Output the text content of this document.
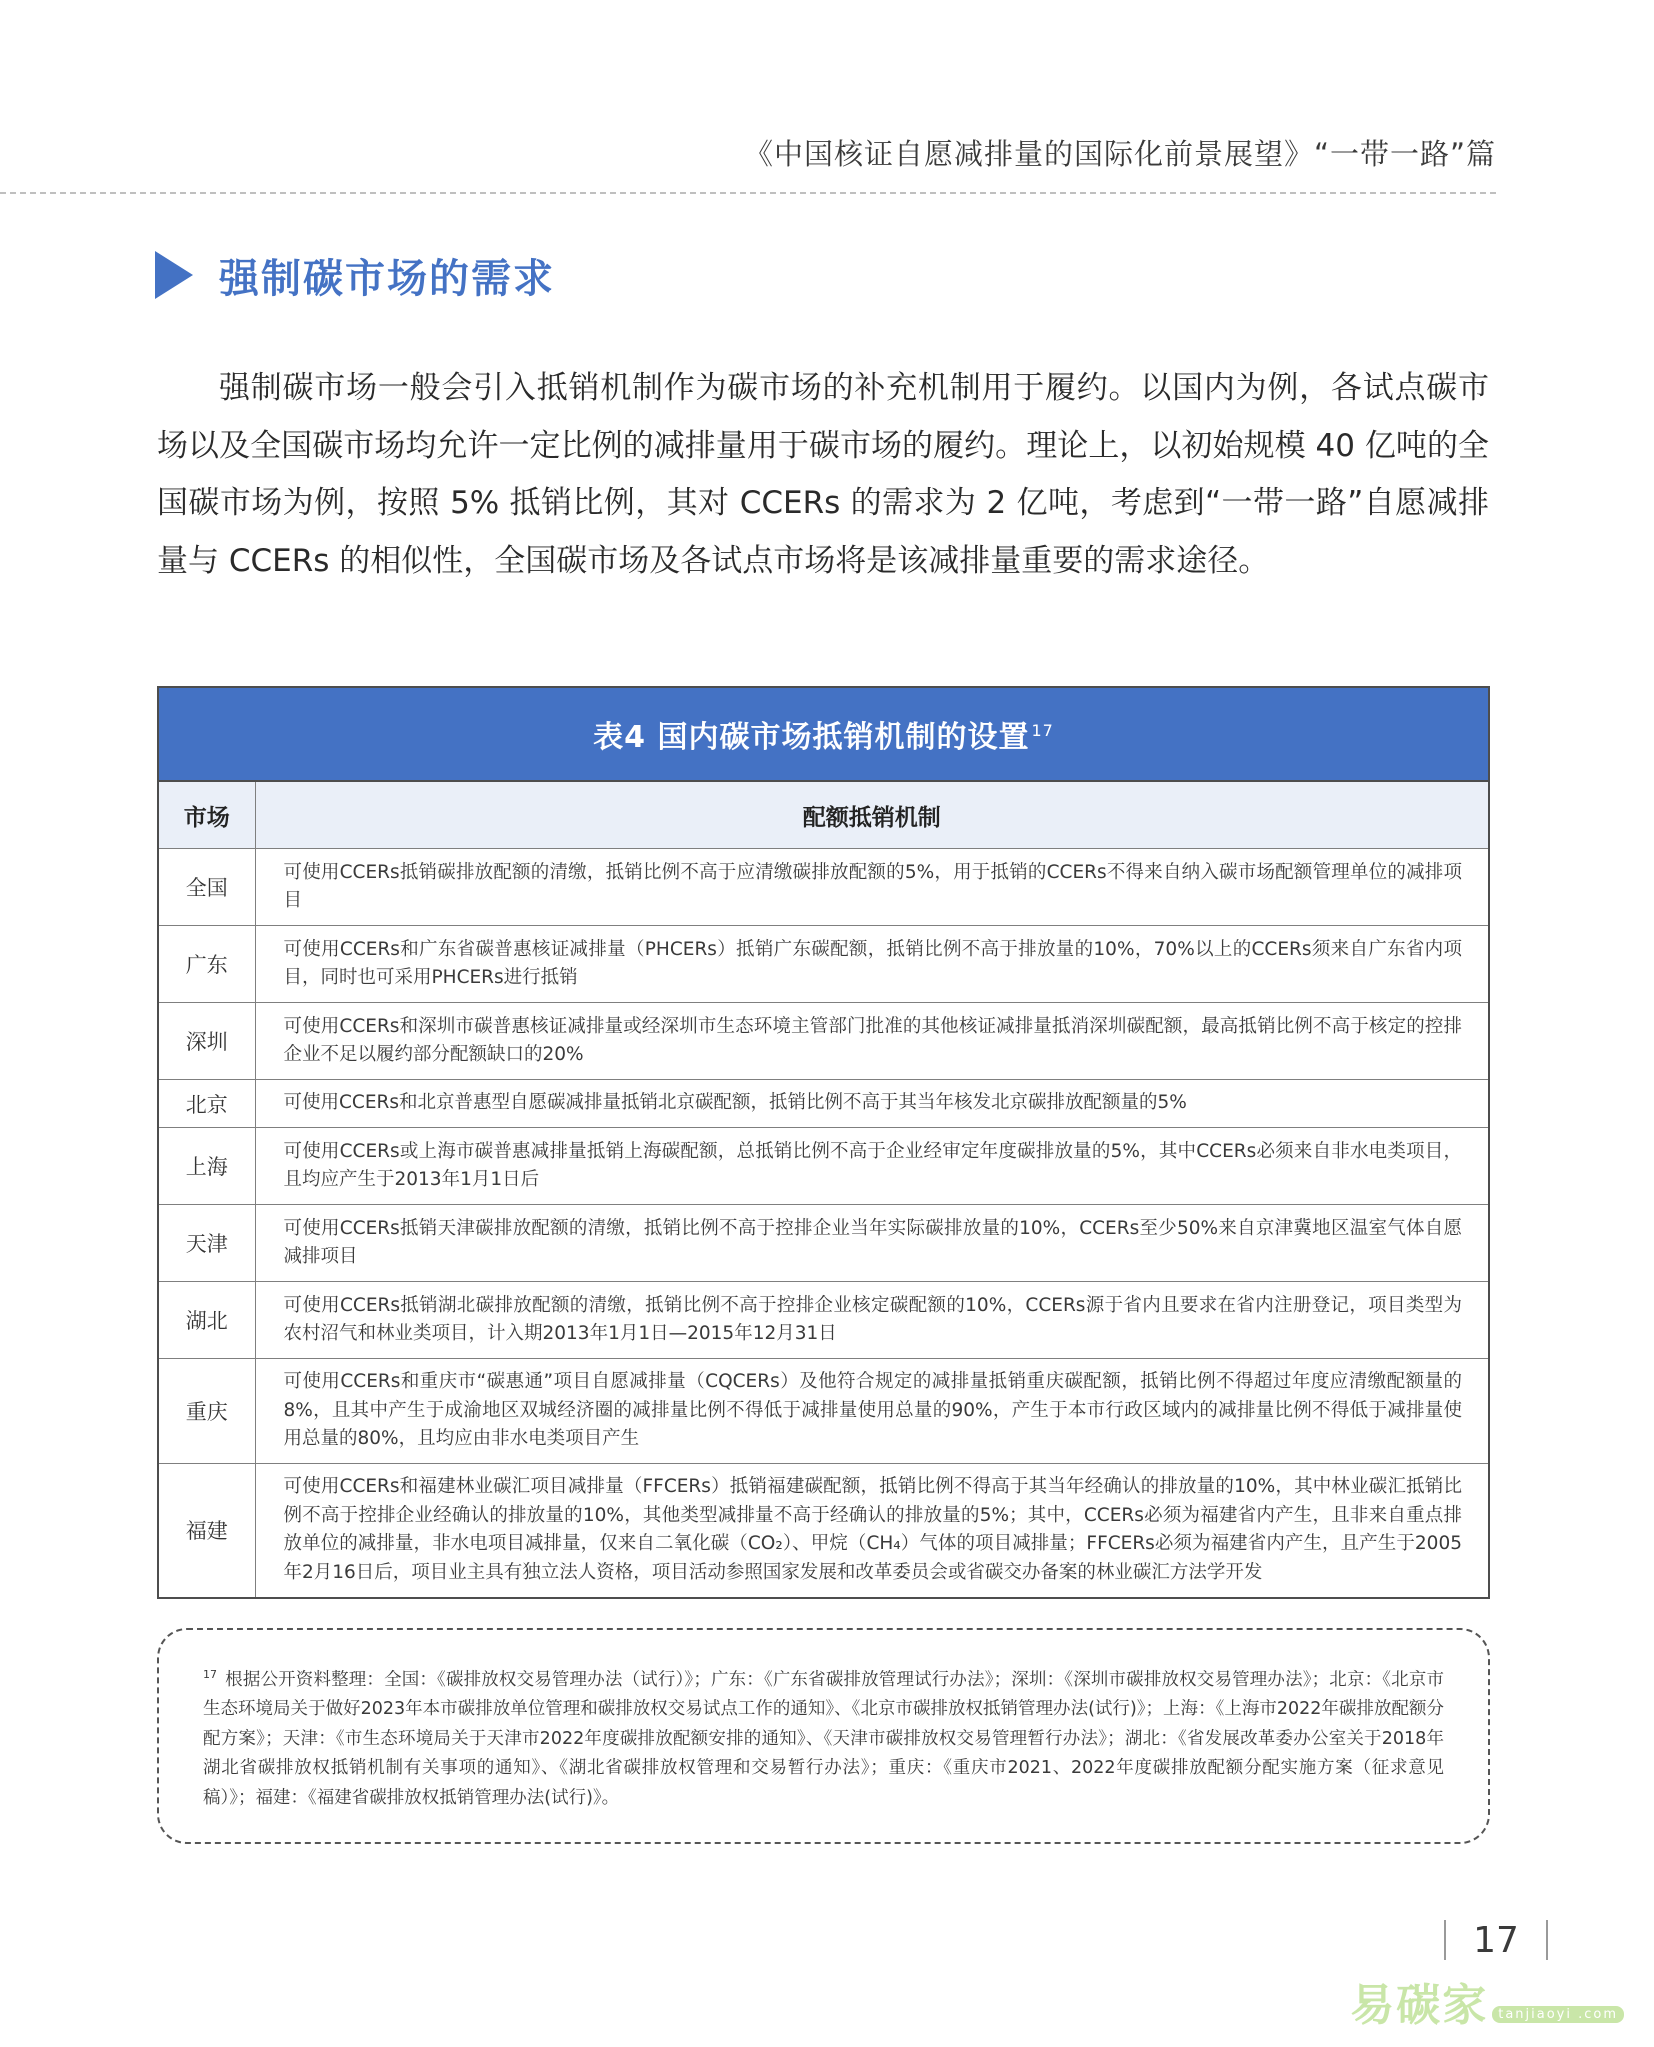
《中国核证自愿减排量的国际化前景展望》“一带一路”篇
强制碳市场的需求
强制碳市场一般会引入抵销机制作为碳市场的补充机制用于履约。以国内为例，各试点碳市场以及全国碳市场均允许一定比例的减排量用于碳市场的履约。理论上，以初始规模 40 亿吨的全国碳市场为例，按照 5% 抵销比例，其对 CCERs 的需求为 2 亿吨，考虑到“一带一路”自愿减排量与 CCERs 的相似性，全国碳市场及各试点市场将是该减排量重要的需求途径。
表4 国内碳市场抵销机制的设置$^{17}$
市场	配额抵销机制
全国	可使用CCERs抵销碳排放配额的清缴，抵销比例不高于应清缴碳排放配额的5%，用于抵销的CCERs不得来自纳入碳市场配额管理单位的减排项目
广东	可使用CCERs和广东省碳普惠核证减排量（PHCERs）抵销广东碳配额，抵销比例不高于排放量的10%，70%以上的CCERs须来自广东省内项目，同时也可采用PHCERs进行抵销
深圳	可使用CCERs和深圳市碳普惠核证减排量或经深圳市生态环境主管部门批准的其他核证减排量抵消深圳碳配额，最高抵销比例不高于核定的控排企业不足以履约部分配额缺口的20%
北京	可使用CCERs和北京普惠型自愿碳减排量抵销北京碳配额，抵销比例不高于其当年核发北京碳排放配额量的5%
上海	可使用CCERs或上海市碳普惠减排量抵销上海碳配额，总抵销比例不高于企业经审定年度碳排放量的5%，其中CCERs必须来自非水电类项目，且均应产生于2013年1月1日后
天津	可使用CCERs抵销天津碳排放配额的清缴，抵销比例不高于控排企业当年实际碳排放量的10%，CCERs至少50%来自京津冀地区温室气体自愿减排项目
湖北	可使用CCERs抵销湖北碳排放配额的清缴，抵销比例不高于控排企业核定碳配额的10%，CCERs源于省内且要求在省内注册登记，项目类型为农村沼气和林业类项目，计入期2013年1月1日—2015年12月31日
重庆	可使用CCERs和重庆市“碳惠通”项目自愿减排量（CQCERs）及他符合规定的减排量抵销重庆碳配额，抵销比例不得超过年度应清缴配额量的8%，且其中产生于成渝地区双城经济圈的减排量比例不得低于减排量使用总量的90%，产生于本市行政区域内的减排量比例不得低于减排量使用总量的80%，且均应由非水电类项目产生
福建	可使用CCERs和福建林业碳汇项目减排量（FFCERs）抵销福建碳配额，抵销比例不得高于其当年经确认的排放量的10%，其中林业碳汇抵销比例不高于控排企业经确认的排放量的10%，其他类型减排量不高于经确认的排放量的5%；其中，CCERs必须为福建省内产生，且非来自重点排放单位的减排量，非水电项目减排量，仅来自二氧化碳（CO₂）、甲烷（CH₄）气体的项目减排量；FFCERs必须为福建省内产生，且产生于2005年2月16日后，项目业主具有独立法人资格，项目活动参照国家发展和改革委员会或省碳交办备案的林业碳汇方法学开发
$^{17}$ 根据公开资料整理：全国：《碳排放权交易管理办法（试行）》；广东：《广东省碳排放管理试行办法》；深圳：《深圳市碳排放权交易管理办法》；北京：《北京市生态环境局关于做好2023年本市碳排放单位管理和碳排放权交易试点工作的通知》、《北京市碳排放权抵销管理办法(试行)》；上海：《上海市2022年碳排放配额分配方案》；天津：《市生态环境局关于天津市2022年度碳排放配额安排的通知》、《天津市碳排放权交易管理暂行办法》；湖北：《省发展改革委办公室关于2018年湖北省碳排放权抵销机制有关事项的通知》、《湖北省碳排放权管理和交易暂行办法》；重庆：《重庆市2021、2022年度碳排放配额分配实施方案（征求意见稿）》；福建：《福建省碳排放权抵销管理办法(试行)》。
17
易碳家 tanjiaoyi .com
